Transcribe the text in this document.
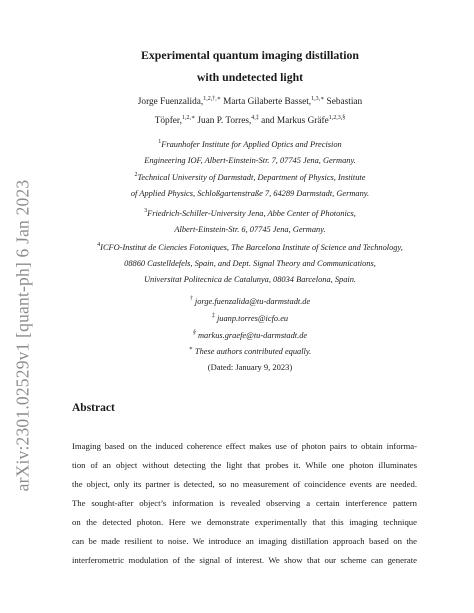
arXiv:2301.02529v1 [quant-ph] 6 Jan 2023
Experimental quantum imaging distillation
with undetected light
Jorge Fuenzalida,$^{1,2,\dagger,∗}$ Marta Gilaberte Basset,$^{1,3,∗}$ Sebastian
Töpfer,$^{1,2,∗}$ Juan P. Torres,$^{4,\ddagger}$ and Markus Gräfe$^{1,2,3,\S}$
$^1$Fraunhofer Institute for Applied Optics and Precision
Engineering IOF, Albert-Einstein-Str. 7, 07745 Jena, Germany.
$^2$Technical University of Darmstadt, Department of Physics, Institute
of Applied Physics, Schloßgartenstraße 7, 64289 Darmstadt, Germany.
$^3$Friedrich-Schiller-University Jena, Abbe Center of Photonics,
Albert-Einstein-Str. 6, 07745 Jena, Germany.
$^4$ICFO-Institut de Ciencies Fotoniques, The Barcelona Institute of Science and Technology,
08860 Castelldefels, Spain, and Dept. Signal Theory and Communications,
Universitat Politecnica de Catalunya, 08034 Barcelona, Spain.
† jorge.fuenzalida@tu-darmstadt.de
‡ juanp.torres@icfo.eu
§ markus.graefe@tu-darmstadt.de
∗ These authors contributed equally.
(Dated: January 9, 2023)
Abstract
Imaging based on the induced coherence effect makes use of photon pairs to obtain informa-
tion of an object without detecting the light that probes it. While one photon illuminates
the object, only its partner is detected, so no measurement of coincidence events are needed.
The sought-after object’s information is revealed observing a certain interference pattern
on the detected photon. Here we demonstrate experimentally that this imaging technique
can be made resilient to noise. We introduce an imaging distillation approach based on the
interferometric modulation of the signal of interest. We show that our scheme can generate
